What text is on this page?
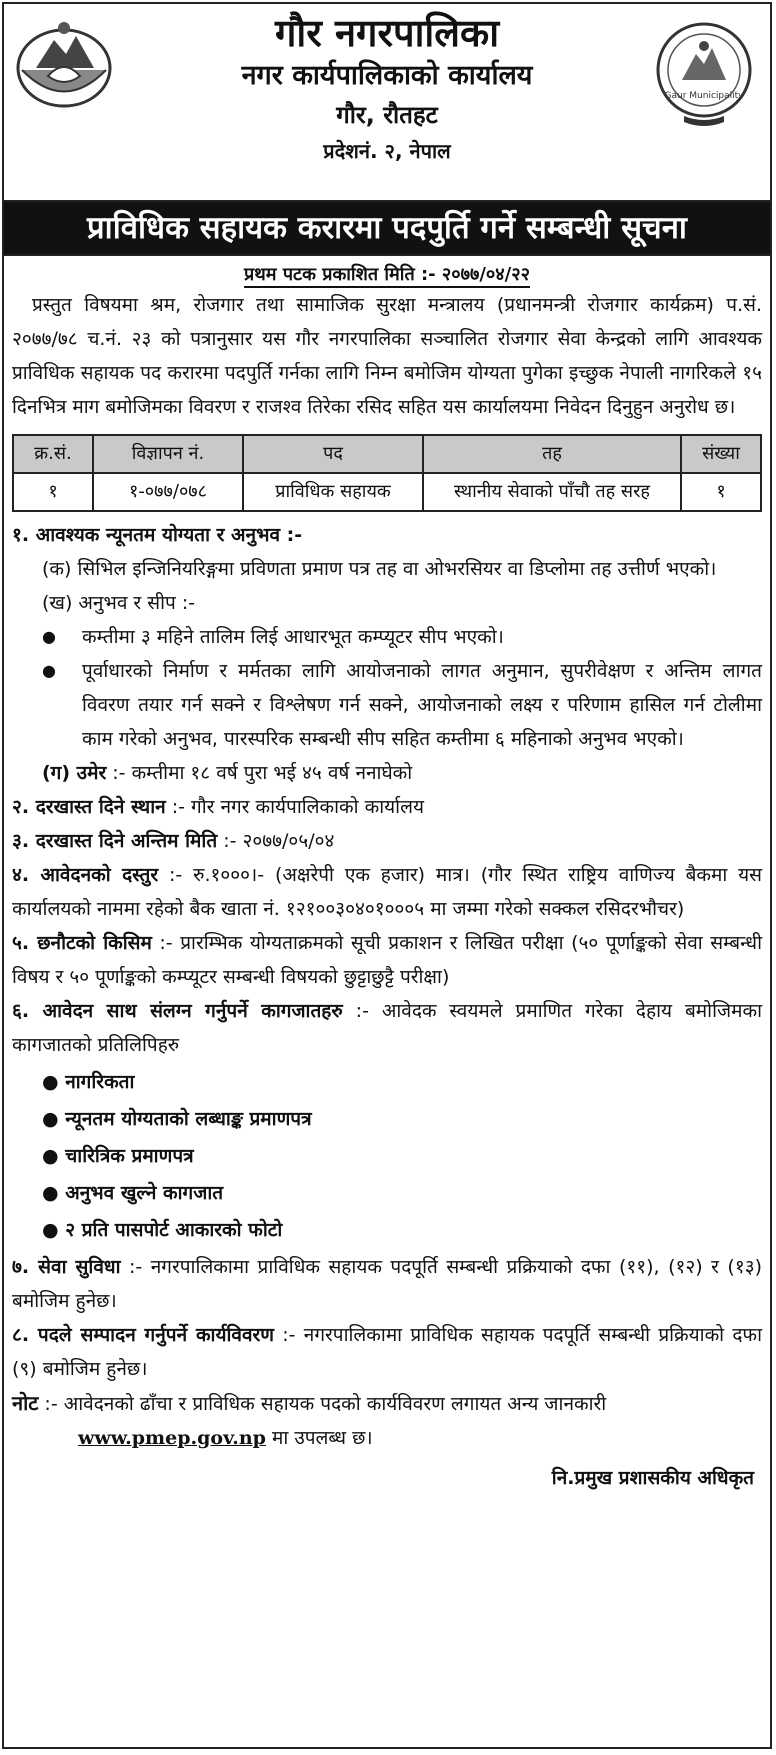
Gaur Municipality
गौर नगरपालिका
नगर कार्यपालिकाको कार्यालय
गौर, रौतहट
प्रदेशनं. २, नेपाल
प्राविधिक सहायक करारमा पदपुर्ति गर्ने सम्बन्धी सूचना
प्रथम पटक प्रकाशित मिति :- २०७७/०४/२२

प्रस्तुत विषयमा श्रम, रोजगार तथा सामाजिक सुरक्षा मन्त्रालय (प्रधानमन्त्री रोजगार कार्यक्रम) प.सं. २०७७/७८ च.नं. २३ को पत्रानुसार यस गौर नगरपालिका सञ्चालित रोजगार सेवा केन्द्रको लागि आवश्यक प्राविधिक सहायक पद करारमा पदपुर्ति गर्नका लागि निम्न बमोजिम योग्यता पुगेका इच्छुक नेपाली नागरिकले १५ दिनभित्र माग बमोजिमका विवरण र राजश्व तिरेका रसिद सहित यस कार्यालयमा निवेदन दिनुहुन अनुरोध छ।

क्र.सं.	विज्ञापन नं.	पद	तह	संख्या
१	१-०७७/०७८	प्राविधिक सहायक	स्थानीय सेवाको पाँचौ तह सरह	१
१. आवश्यक न्यूनतम योग्यता र अनुभव :-
(क) सिभिल इन्जिनियरिङ्गमा प्रविणता प्रमाण पत्र तह वा ओभरसियर वा डिप्लोमा तह उत्तीर्ण भएको।
(ख) अनुभव र सीप :-
● कम्तीमा ३ महिने तालिम लिई आधारभूत कम्प्यूटर सीप भएको।
● पूर्वाधारको निर्माण र मर्मतका लागि आयोजनाको लागत अनुमान, सुपरीवेक्षण र अन्तिम लागत विवरण तयार गर्न सक्ने र विश्लेषण गर्न सक्ने, आयोजनाको लक्ष्य र परिणाम हासिल गर्न टोलीमा काम गरेको अनुभव, पारस्परिक सम्बन्धी सीप सहित कम्तीमा ६ महिनाको अनुभव भएको।
(ग) उमेर :- कम्तीमा १८ वर्ष पुरा भई ४५ वर्ष ननाघेको
२. दरखास्त दिने स्थान :- गौर नगर कार्यपालिकाको कार्यालय
३. दरखास्त दिने अन्तिम मिति :- २०७७/०५/०४
४. आवेदनको दस्तुर :- रु.१०००।- (अक्षरेपी एक हजार) मात्र। (गौर स्थित राष्ट्रिय वाणिज्य बैकमा यस कार्यालयको नाममा रहेको बैक खाता नं. १२१००३०४०१०००५ मा जम्मा गरेको सक्कल रसिदरभौचर)
५. छनौटको किसिम :- प्रारम्भिक योग्यताक्रमको सूची प्रकाशन र लिखित परीक्षा (५० पूर्णाङ्कको सेवा सम्बन्धी विषय र ५० पूर्णाङ्कको कम्प्यूटर सम्बन्धी विषयको छुट्टाछुट्टै परीक्षा)
६. आवेदन साथ संलग्न गर्नुपर्ने कागजातहरु :- आवेदक स्वयमले प्रमाणित गरेका देहाय बमोजिमका कागजातको प्रतिलिपिहरु
● नागरिकता
● न्यूनतम योग्यताको लब्धाङ्क प्रमाणपत्र
● चारित्रिक प्रमाणपत्र
● अनुभव खुल्ने कागजात
● २ प्रति पासपोर्ट आकारको फोटो
७. सेवा सुविधा :- नगरपालिकामा प्राविधिक सहायक पदपूर्ति सम्बन्धी प्रक्रियाको दफा (११), (१२) र (१३) बमोजिम हुनेछ।
८. पदले सम्पादन गर्नुपर्ने कार्यविवरण :- नगरपालिकामा प्राविधिक सहायक पदपूर्ति सम्बन्धी प्रक्रियाको दफा (९) बमोजिम हुनेछ।
नोट :- आवेदनको ढाँचा र प्राविधिक सहायक पदको कार्यविवरण लगायत अन्य जानकारी
www.pmep.gov.np मा उपलब्ध छ।
नि.प्रमुख प्रशासकीय अधिकृत
